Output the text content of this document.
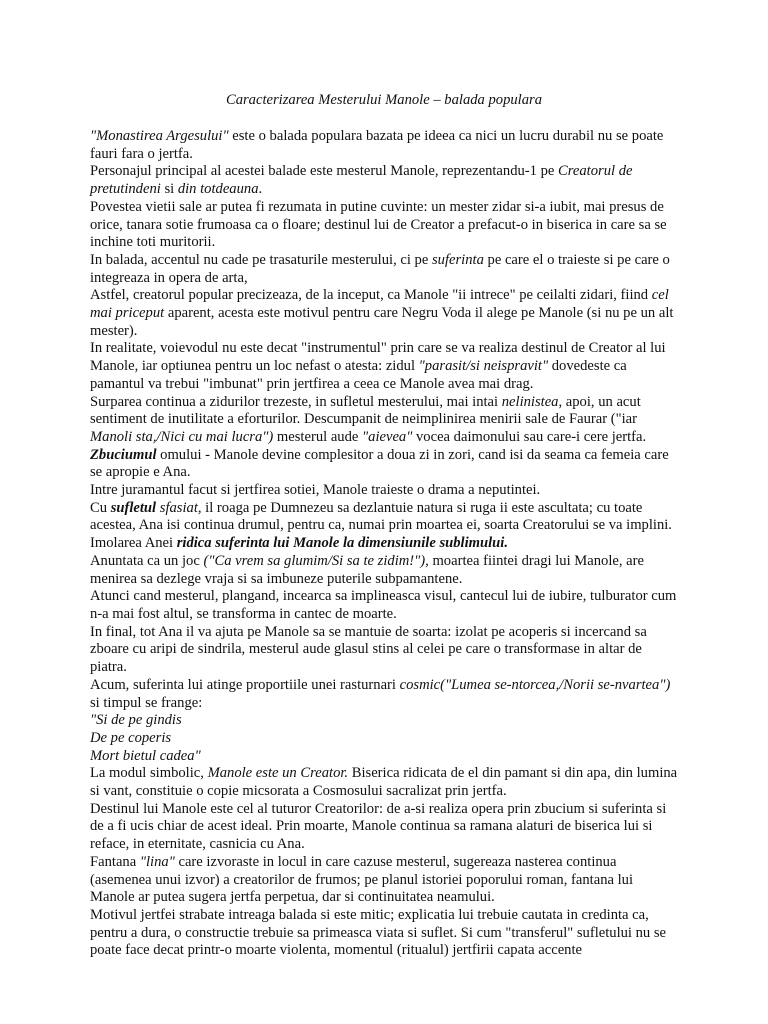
Caracterizarea Mesterului Manole – balada populara

"Monastirea Argesului" este o balada populara bazata pe ideea ca nici un lucru durabil nu se poate fauri fara o jertfa.

Personajul principal al acestei balade este mesterul Manole, reprezentandu-1 pe Creatorul de pretutindeni si din totdeauna.

Povestea vietii sale ar putea fi rezumata in putine cuvinte: un mester zidar si-a iubit, mai presus de orice, tanara sotie frumoasa ca o floare; destinul lui de Creator a prefacut-o in biserica in care sa se inchine toti muritorii.

In balada, accentul nu cade pe trasaturile mesterului, ci pe suferinta pe care el o traieste si pe care o integreaza in opera de arta,

Astfel, creatorul popular precizeaza, de la inceput, ca Manole "ii intrece" pe ceilalti zidari, fiind cel mai priceput aparent, acesta este motivul pentru care Negru Voda il alege pe Manole (si nu pe un alt mester).

In realitate, voievodul nu este decat "instrumentul" prin care se va realiza destinul de Creator al lui Manole, iar optiunea pentru un loc nefast o atesta: zidul "parasit/si neispravit" dovedeste ca pamantul va trebui "imbunat" prin jertfirea a ceea ce Manole avea mai drag.

Surparea continua a zidurilor trezeste, in sufletul mesterului, mai intai nelinistea, apoi, un acut sentiment de inutilitate a eforturilor. Descumpanit de neimplinirea menirii sale de Faurar ("iar Manoli sta,/Nici cu mai lucra") mesterul aude "aievea" vocea daimonului sau care-i cere jertfa.

Zbuciumul omului - Manole devine complesitor a doua zi in zori, cand isi da seama ca femeia care se apropie e Ana.

Intre juramantul facut si jertfirea sotiei, Manole traieste o drama a neputintei.

Cu sufletul sfasiat, il roaga pe Dumnezeu sa dezlantuie natura si ruga ii este ascultata; cu toate acestea, Ana isi continua drumul, pentru ca, numai prin moartea ei, soarta Creatorului se va implini.

Imolarea Anei ridica suferinta lui Manole la dimensiunile sublimului.

Anuntata ca un joc ("Ca vrem sa glumim/Si sa te zidim!"), moartea fiintei dragi lui Manole, are menirea sa dezlege vraja si sa imbuneze puterile subpamantene.

Atunci cand mesterul, plangand, incearca sa implineasca visul, cantecul lui de iubire, tulburator cum n-a mai fost altul, se transforma in cantec de moarte.

In final, tot Ana il va ajuta pe Manole sa se mantuie de soarta: izolat pe acoperis si incercand sa zboare cu aripi de sindrila, mesterul aude glasul stins al celei pe care o transformase in altar de piatra.

Acum, suferinta lui atinge proportiile unei rasturnari cosmic("Lumea se-ntorcea,/Norii se-nvartea") si timpul se frange:

"Si de pe gindis

De pe coperis

Mort bietul cadea"

La modul simbolic, Manole este un Creator. Biserica ridicata de el din pamant si din apa, din lumina si vant, constituie o copie micsorata a Cosmosului sacralizat prin jertfa.

Destinul lui Manole este cel al tuturor Creatorilor: de a-si realiza opera prin zbucium si suferinta si de a fi ucis chiar de acest ideal. Prin moarte, Manole continua sa ramana alaturi de biserica lui si reface, in eternitate, casnicia cu Ana.

Fantana "lina" care izvoraste in locul in care cazuse mesterul, sugereaza nasterea continua (asemenea unui izvor) a creatorilor de frumos; pe planul istoriei poporului roman, fantana lui Manole ar putea sugera jertfa perpetua, dar si continuitatea neamului.

Motivul jertfei strabate intreaga balada si este mitic; explicatia lui trebuie cautata in credinta ca, pentru a dura, o constructie trebuie sa primeasca viata si suflet. Si cum "transferul" sufletului nu se poate face decat printr-o moarte violenta, momentul (ritualul) jertfirii capata accente
